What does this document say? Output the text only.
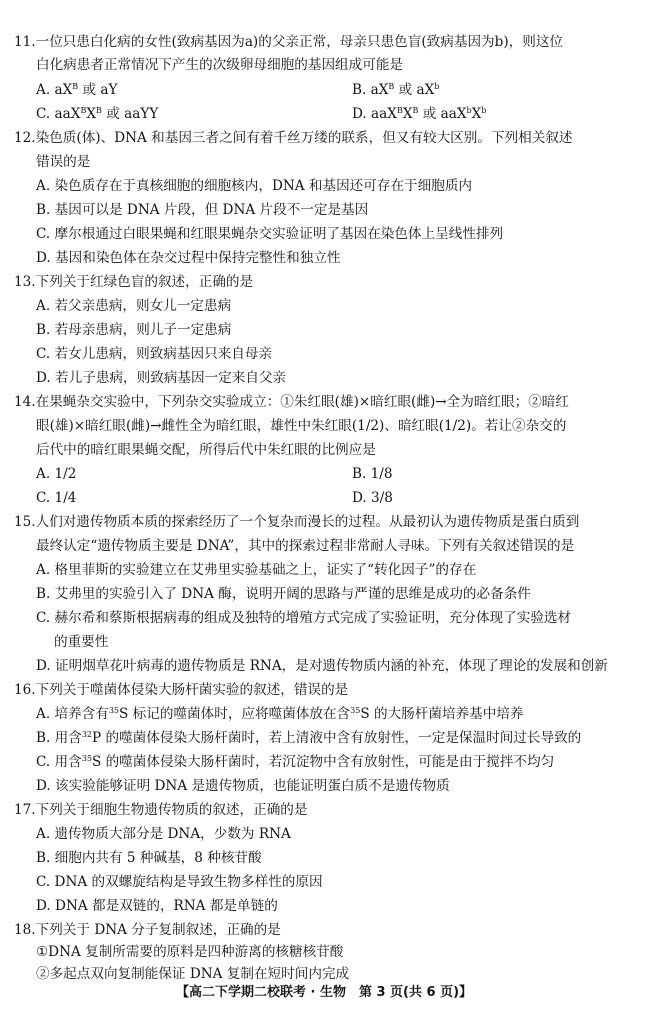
11.一位只患白化病的女性(致病基因为a)的父亲正常，母亲只患色盲(致病基因为b)，则这位
白化病患者正常情况下产生的次级卵母细胞的基因组成可能是
A. $aX^B$ 或 aY	B. $aX^B$ 或 $aX^b$
C. $aaX^BX^B$ 或 aaYY	D. $aaX^BX^B$ 或 $aaX^bX^b$
12.染色质(体)、DNA 和基因三者之间有着千丝万缕的联系，但又有较大区别。下列相关叙述
错误的是
A. 染色质存在于真核细胞的细胞核内，DNA 和基因还可存在于细胞质内
B. 基因可以是 DNA 片段，但 DNA 片段不一定是基因
C. 摩尔根通过白眼果蝇和红眼果蝇杂交实验证明了基因在染色体上呈线性排列
D. 基因和染色体在杂交过程中保持完整性和独立性
13.下列关于红绿色盲的叙述，正确的是
A. 若父亲患病，则女儿一定患病
B. 若母亲患病，则儿子一定患病
C. 若女儿患病，则致病基因只来自母亲
D. 若儿子患病，则致病基因一定来自父亲
14.在果蝇杂交实验中，下列杂交实验成立：①朱红眼(雄)×暗红眼(雌)→全为暗红眼；②暗红
眼(雄)×暗红眼(雌)→雌性全为暗红眼，雄性中朱红眼(1/2)、暗红眼(1/2)。若让②杂交的
后代中的暗红眼果蝇交配，所得后代中朱红眼的比例应是
A. 1/2	B. 1/8
C. 1/4	D. 3/8
15.人们对遗传物质本质的探索经历了一个复杂而漫长的过程。从最初认为遗传物质是蛋白质到
最终认定“遗传物质主要是 DNA”，其中的探索过程非常耐人寻味。下列有关叙述错误的是
A. 格里菲斯的实验建立在艾弗里实验基础之上，证实了“转化因子”的存在
B. 艾弗里的实验引入了 DNA 酶，说明开阔的思路与严谨的思维是成功的必备条件
C. 赫尔希和蔡斯根据病毒的组成及独特的增殖方式完成了实验证明，充分体现了实验选材
的重要性
D. 证明烟草花叶病毒的遗传物质是 RNA，是对遗传物质内涵的补充，体现了理论的发展和创新
16.下列关于噬菌体侵染大肠杆菌实验的叙述，错误的是
A. 培养含有$^{35}$S 标记的噬菌体时，应将噬菌体放在含$^{35}$S 的大肠杆菌培养基中培养
B. 用含$^{32}$P 的噬菌体侵染大肠杆菌时，若上清液中含有放射性，一定是保温时间过长导致的
C. 用含$^{35}$S 的噬菌体侵染大肠杆菌时，若沉淀物中含有放射性，可能是由于搅拌不均匀
D. 该实验能够证明 DNA 是遗传物质，也能证明蛋白质不是遗传物质
17.下列关于细胞生物遗传物质的叙述，正确的是
A. 遗传物质大部分是 DNA，少数为 RNA
B. 细胞内共有 5 种碱基，8 种核苷酸
C. DNA 的双螺旋结构是导致生物多样性的原因
D. DNA 都是双链的，RNA 都是单链的
18.下列关于 DNA 分子复制叙述，正确的是
①DNA 复制所需要的原料是四种游离的核糖核苷酸
②多起点双向复制能保证 DNA 复制在短时间内完成
【高二下学期二校联考 · 生物　第 3 页(共 6 页)】
